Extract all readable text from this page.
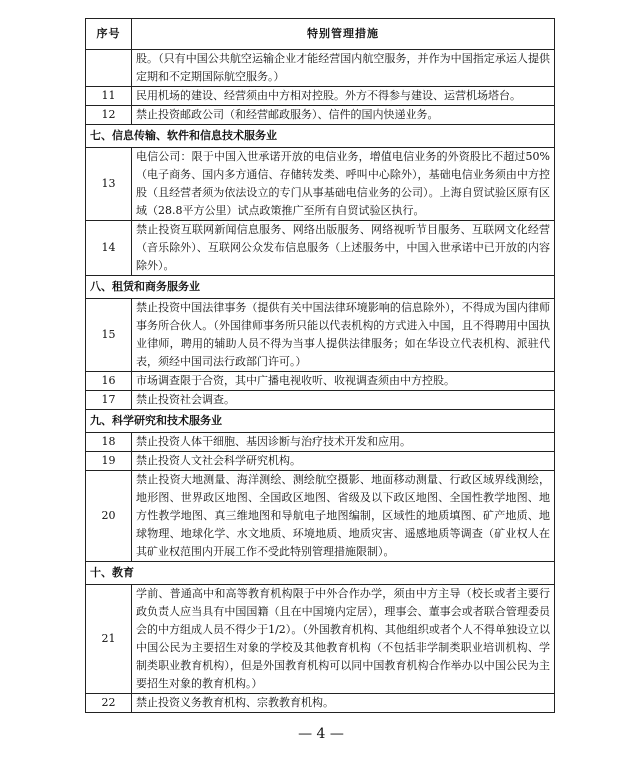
序号	特别管理措施
	股。（只有中国公共航空运输企业才能经营国内航空服务，并作为中国指定承运人提供定期和不定期国际航空服务。）
11	民用机场的建设、经营须由中方相对控股。外方不得参与建设、运营机场塔台。
12	禁止投资邮政公司（和经营邮政服务）、信件的国内快递业务。
七、信息传输、软件和信息技术服务业	
13	电信公司：限于中国入世承诺开放的电信业务，增值电信业务的外资股比不超过50%（电子商务、国内多方通信、存储转发类、呼叫中心除外），基础电信业务须由中方控股（且经营者须为依法设立的专门从事基础电信业务的公司）。上海自贸试验区原有区域（28.8平方公里）试点政策推广至所有自贸试验区执行。
14	禁止投资互联网新闻信息服务、网络出版服务、网络视听节目服务、互联网文化经营（音乐除外）、互联网公众发布信息服务（上述服务中，中国入世承诺中已开放的内容除外）。
八、租赁和商务服务业	
15	禁止投资中国法律事务（提供有关中国法律环境影响的信息除外），不得成为国内律师事务所合伙人。（外国律师事务所只能以代表机构的方式进入中国，且不得聘用中国执业律师，聘用的辅助人员不得为当事人提供法律服务；如在华设立代表机构、派驻代表，须经中国司法行政部门许可。）
16	市场调查限于合资，其中广播电视收听、收视调查须由中方控股。
17	禁止投资社会调查。
九、科学研究和技术服务业	
18	禁止投资人体干细胞、基因诊断与治疗技术开发和应用。
19	禁止投资人文社会科学研究机构。
20	禁止投资大地测量、海洋测绘、测绘航空摄影、地面移动测量、行政区域界线测绘，地形图、世界政区地图、全国政区地图、省级及以下政区地图、全国性教学地图、地方性教学地图、真三维地图和导航电子地图编制，区域性的地质填图、矿产地质、地球物理、地球化学、水文地质、环境地质、地质灾害、遥感地质等调查（矿业权人在其矿业权范围内开展工作不受此特别管理措施限制）。
十、教育	
21	学前、普通高中和高等教育机构限于中外合作办学，须由中方主导（校长或者主要行政负责人应当具有中国国籍（且在中国境内定居），理事会、董事会或者联合管理委员会的中方组成人员不得少于1/2）。（外国教育机构、其他组织或者个人不得单独设立以中国公民为主要招生对象的学校及其他教育机构（不包括非学制类职业培训机构、学制类职业教育机构），但是外国教育机构可以同中国教育机构合作举办以中国公民为主要招生对象的教育机构。）
22	禁止投资义务教育机构、宗教教育机构。
— 4 —
